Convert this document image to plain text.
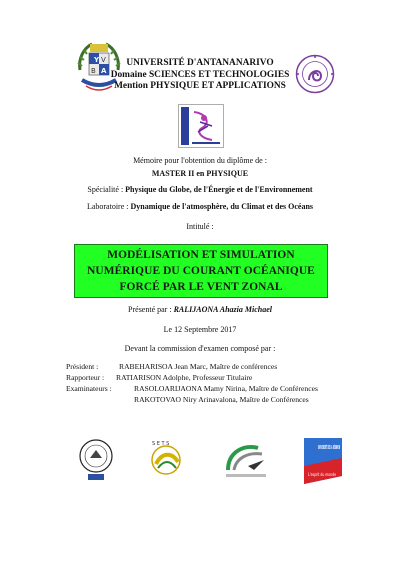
Y
A
V
B
UNIVERSITÉ D'ANTANANARIVO
Domaine SCIENCES ET TECHNOLOGIES
Mention PHYSIQUE ET APPLICATIONS
Mémoire pour l'obtention du diplôme de :
MASTER II en PHYSIQUE
Spécialité : Physique du Globe, de l'Énergie et de l'Environnement
Laboratoire : Dynamique de l'atmosphère, du Climat et des Océans
Intitulé :
MODÉLISATION ET SIMULATION
NUMÉRIQUE DU COURANT OCÉANIQUE
FORCÉ PAR LE VENT ZONAL
Présenté par : RALIJAONA Ahazia Michael
Le 12 Septembre 2017
Devant la commission d'examen composé par :
Président :	RABEHARISOA Jean Marc, Maître de conférences
Rapporteur : RATIARISON Adolphe, Professeur Titulaire
Examinateurs :	RASOLOARIJAONA Mamy Nirina, Maître de Conférences
RAKOTOVAO Niry Arinavalona, Maître de Conférences
S E T S
UNIVERSITÉ DE LA RÉUNION
L'esprit du monde
